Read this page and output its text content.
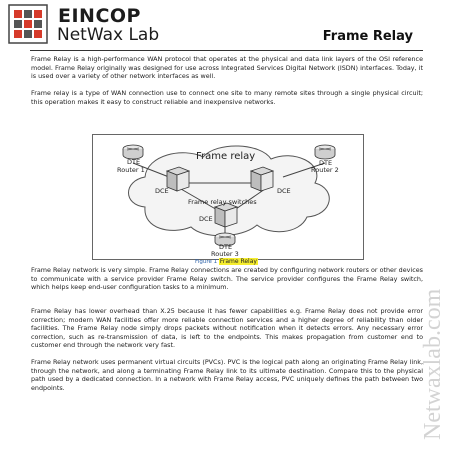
EINCOP
NetWax Lab	Frame Relay

Frame Relay is a high-performance WAN protocol that operates at the physical and data link layers of the OSI reference model. Frame Relay originally was designed for use across Integrated Services Digital Network (ISDN) interfaces. Today, it is used over a variety of other network interfaces as well.

Frame relay is a type of WAN connection use to connect one site to many remote sites through a single physical circuit; this operation makes it easy to construct reliable and inexpensive networks.

Frame relay
Frame relay switches
DTE
Router 1
DTE
Router 2
DCE	DCE
DCE
DTE
Router 3
Figure 1 Frame Relay

Frame Relay network is very simple. Frame Relay connections are created by configuring network routers or other devices to communicate with a service provider Frame Relay switch. The service provider configures the Frame Relay switch, which helps keep end-user configuration tasks to a minimum.

Frame Relay has lower overhead than X.25 because it has fewer capabilities e.g. Frame Relay does not provide error correction; modern WAN facilities offer more reliable connection services and a higher degree of reliability than older facilities. The Frame Relay node simply drops packets without notification when it detects errors. Any necessary error correction, such as re-transmission of data, is left to the endpoints. This makes propagation from customer end to customer end through the network very fast.

Frame Relay network uses permanent virtual circuits (PVCs). PVC is the logical path along an originating Frame Relay link, through the network, and along a terminating Frame Relay link to its ultimate destination. Compare this to the physical path used by a dedicated connection. In a network with Frame Relay access, PVC uniquely defines the path between two endpoints.	Netwaxlab.com
